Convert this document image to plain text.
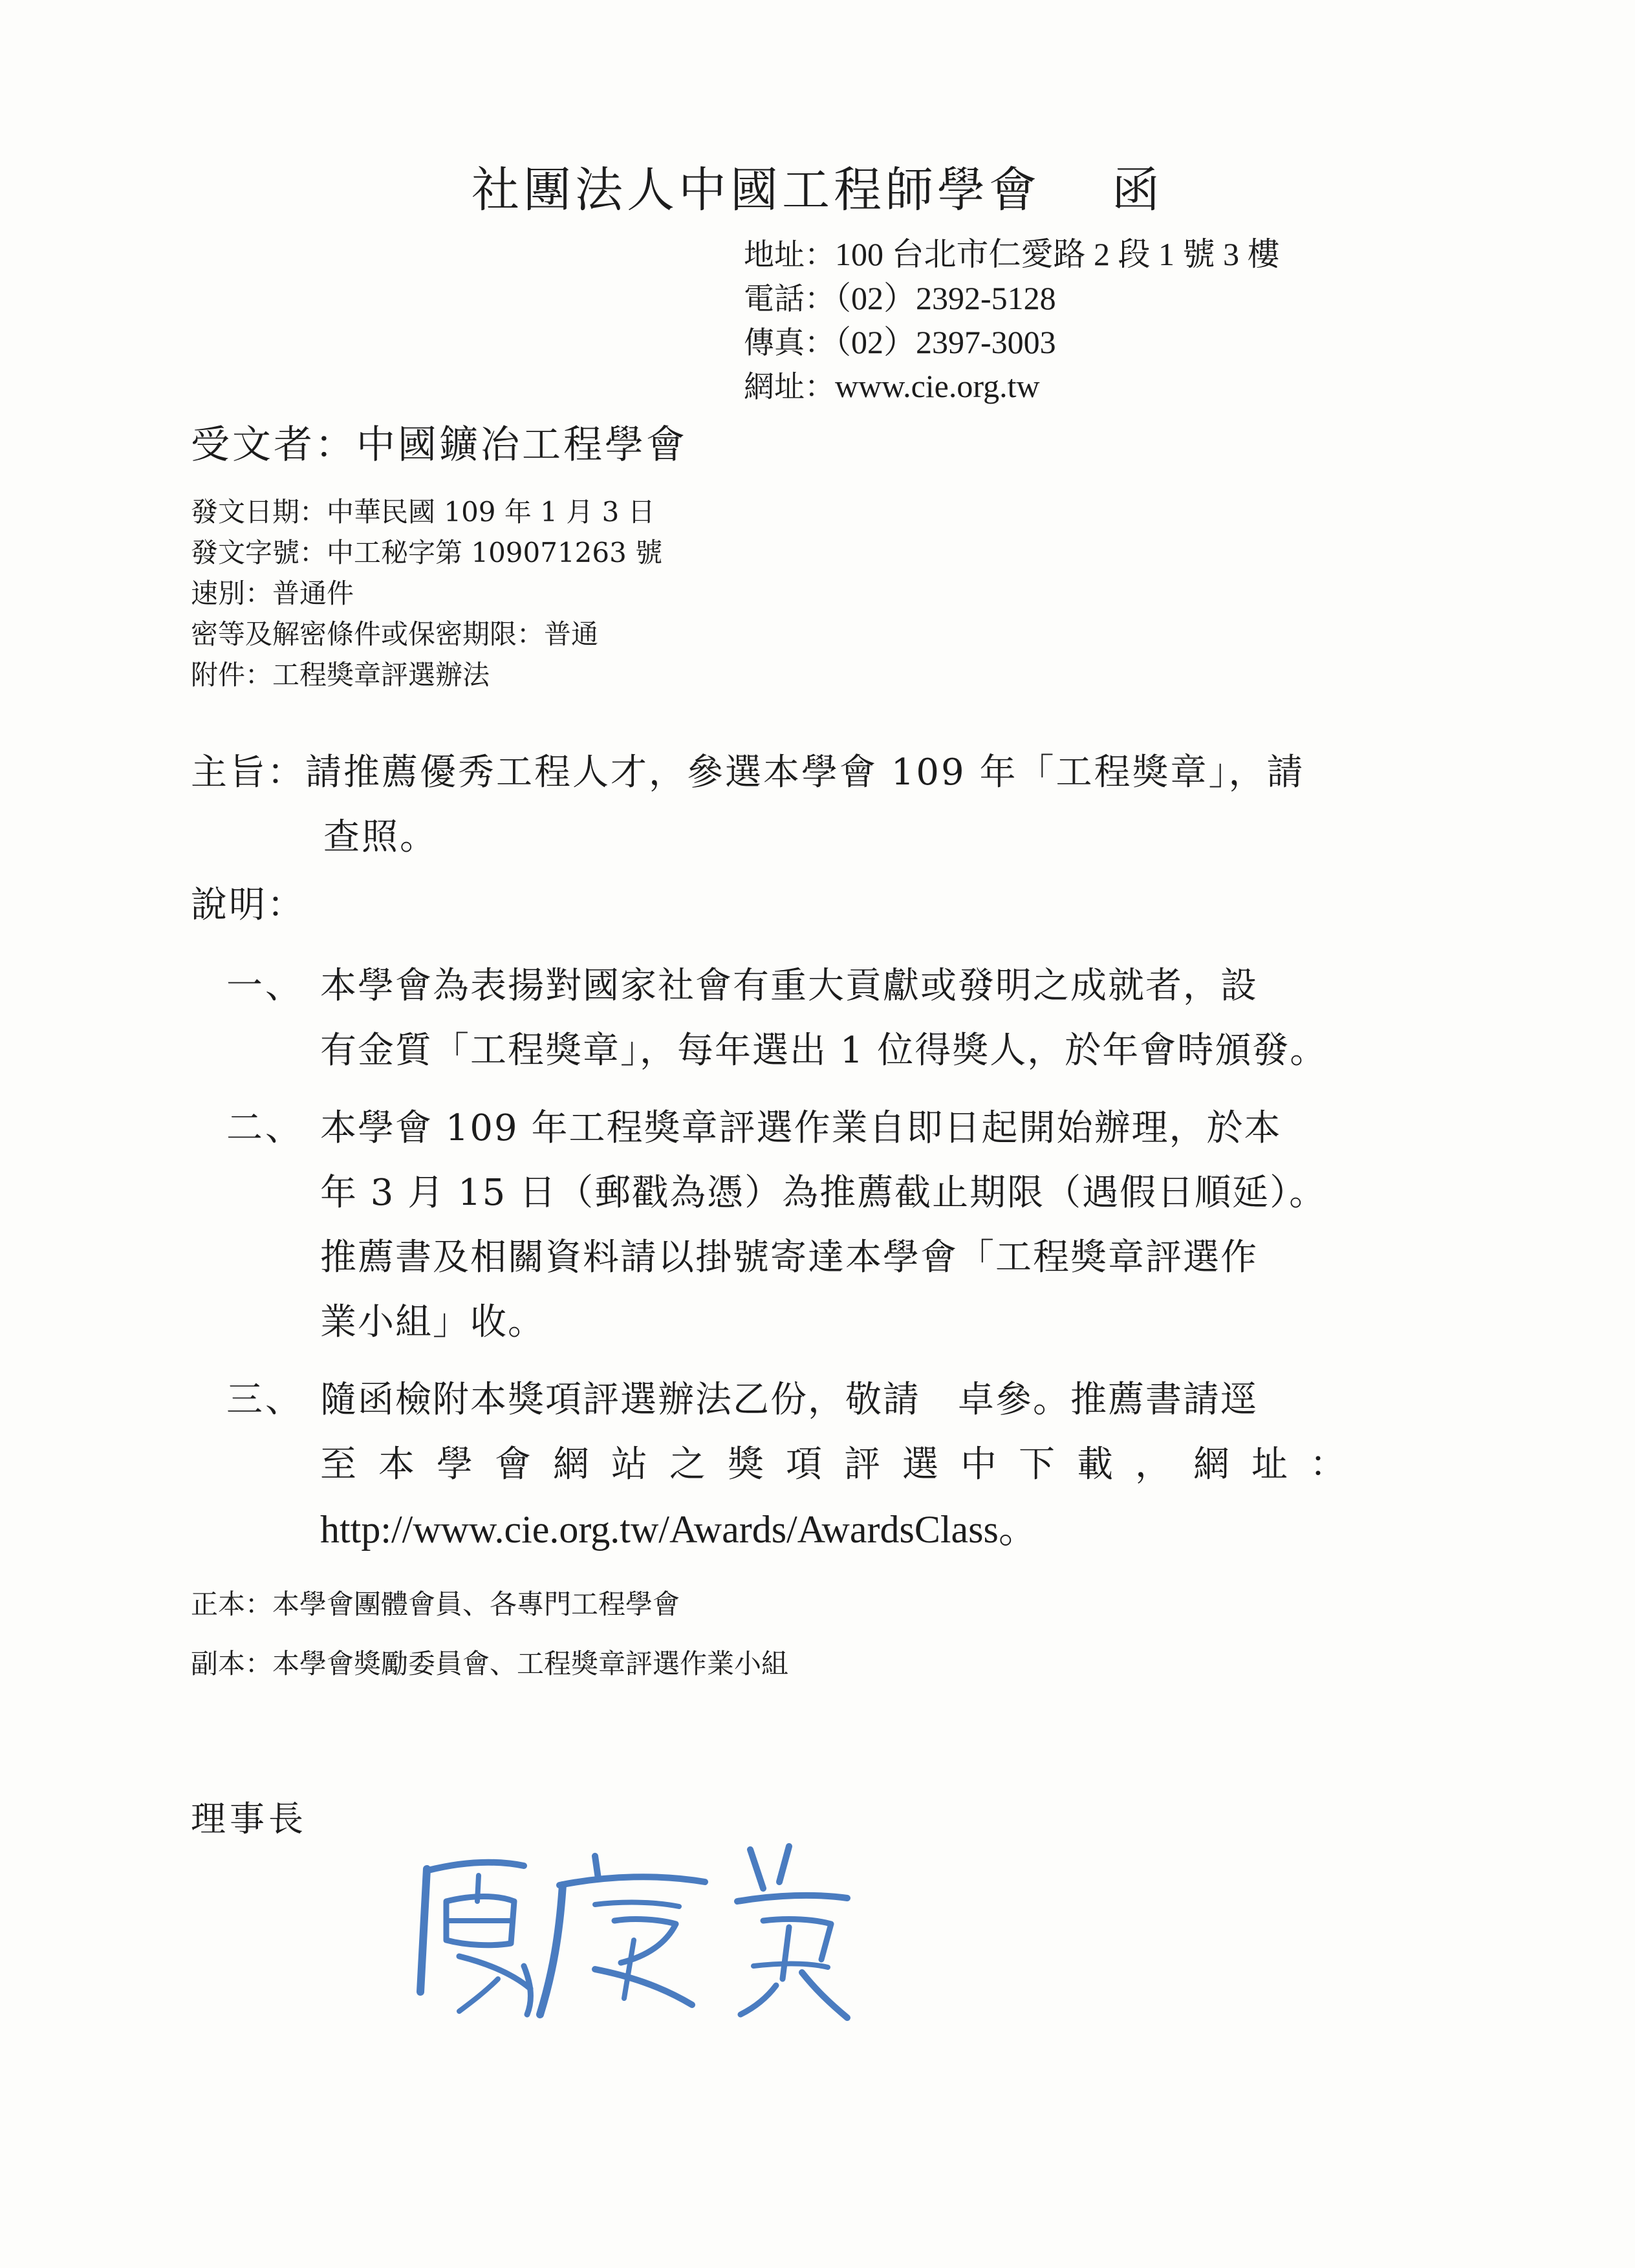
社團法人中國工程師學會 函
地址：100 台北市仁愛路 2 段 1 號 3 樓
電話：（02）2392-5128
傳真：（02）2397-3003
網址：www.cie.org.tw
受文者：中國鑛冶工程學會
發文日期：中華民國 109 年 1 月 3 日
發文字號：中工秘字第 109071263 號
速別：普通件
密等及解密條件或保密期限：普通
附件：工程獎章評選辦法
主旨：請推薦優秀工程人才，參選本學會 109 年「工程獎章」，請
查照。
說明：
一、 本學會為表揚對國家社會有重大貢獻或發明之成就者，設
有金質「工程獎章」，每年選出 1 位得獎人，於年會時頒發。
二、 本學會 109 年工程獎章評選作業自即日起開始辦理，於本
年 3 月 15 日（郵戳為憑）為推薦截止期限（遇假日順延）。
推薦書及相關資料請以掛號寄達本學會「工程獎章評選作
業小組」收。
三、 隨函檢附本獎項評選辦法乙份，敬請　卓參。推薦書請逕
至本學會網站之獎項評選中下載，網址：
http://www.cie.org.tw/Awards/AwardsClass。
正本：本學會團體會員、各專門工程學會
副本：本學會獎勵委員會、工程獎章評選作業小組
理事長
